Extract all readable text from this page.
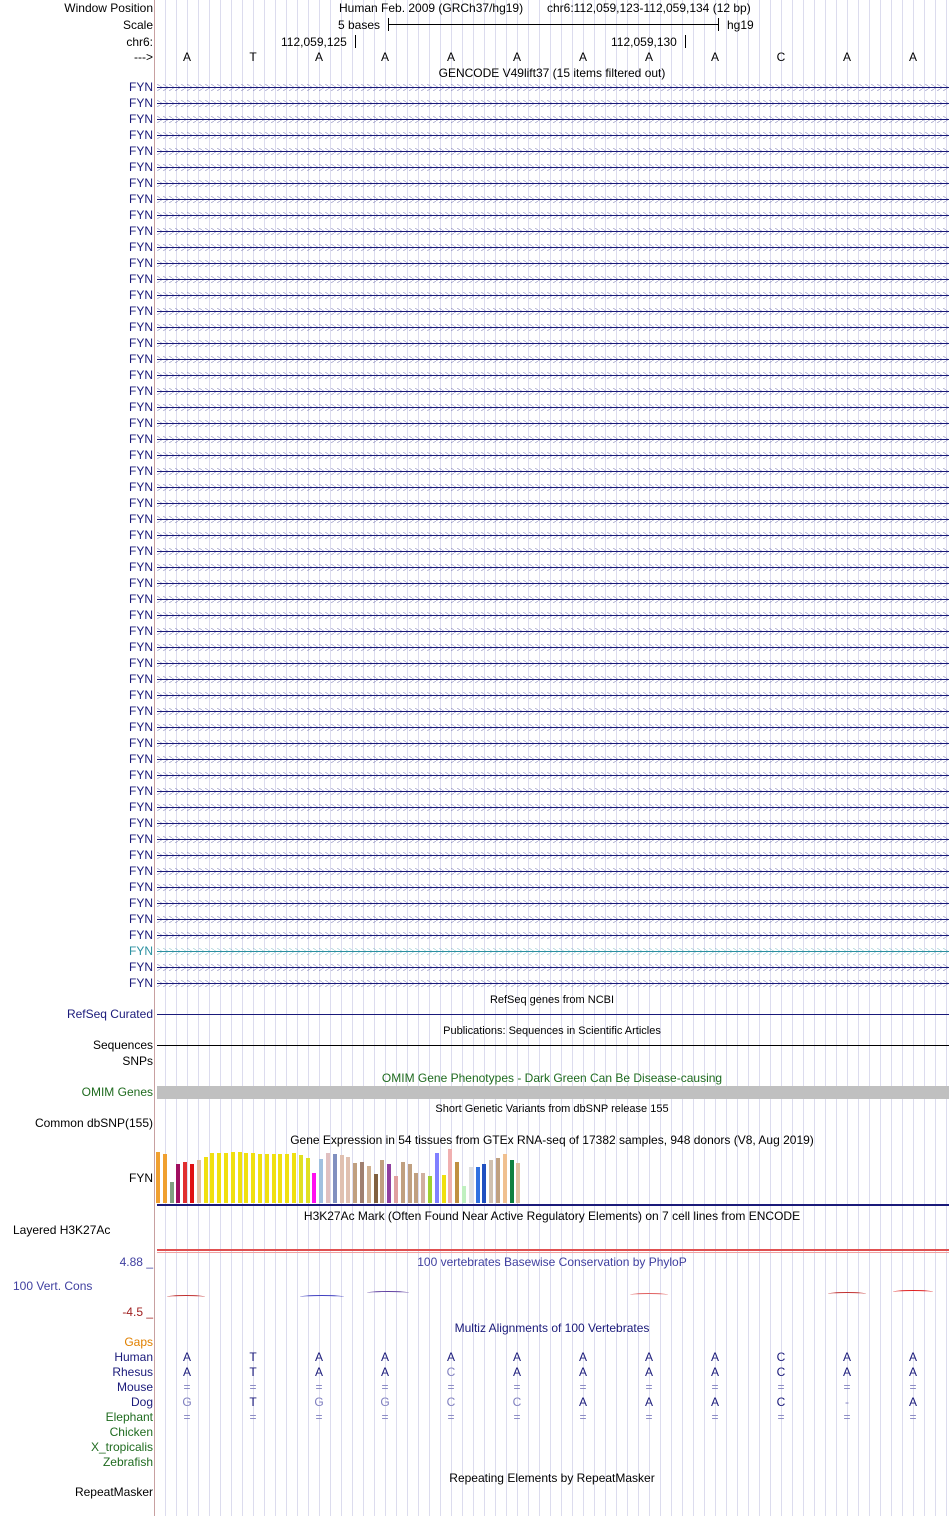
Window Position
Scale
chr6:
--->
Human Feb. 2009 (GRCh37/hg19) chr6:112,059,123-112,059,134 (12 bp)
5 bases	hg19
112,059,125	112,059,130
A	T	A	A	A	A	A	A	A	C	A	A
GENCODE V49lift37 (15 items filtered out)
FYN
FYN
FYN
FYN
FYN
FYN
FYN
FYN
FYN
FYN
FYN
FYN
FYN
FYN
FYN
FYN
FYN
FYN
FYN
FYN
FYN
FYN
FYN
FYN
FYN
FYN
FYN
FYN
FYN
FYN
FYN
FYN
FYN
FYN
FYN
FYN
FYN
FYN
FYN
FYN
FYN
FYN
FYN
FYN
FYN
FYN
FYN
FYN
FYN
FYN
FYN
FYN
FYN
FYN
FYN
FYN
FYN
RefSeq genes from NCBI
RefSeq Curated
Publications: Sequences in Scientific Articles
Sequences
SNPs
OMIM Gene Phenotypes - Dark Green Can Be Disease-causing
OMIM Genes
Short Genetic Variants from dbSNP release 155
Common dbSNP(155)
Gene Expression in 54 tissues from GTEx RNA-seq of 17382 samples, 948 donors (V8, Aug 2019)
FYN
H3K27Ac Mark (Often Found Near Active Regulatory Elements) on 7 cell lines from ENCODE
Layered H3K27Ac
100 vertebrates Basewise Conservation by PhyloP
4.88 _
100 Vert. Cons
-4.5 _
Multiz Alignments of 100 Vertebrates
Gaps
Human A	T	A	A	A	A	A	A	A	C	A	A
Rhesus A	T	A	A	C	A	A	A	A	C	A	A
Mouse	=	=	=	=	=	=	=	=	=	=	=	=
Dog G	T	G	G	C	C	A	A	A	C	-	A
Elephant	=	=	=	=	=	=	=	=	=	=	=	=
Chicken
X_tropicalis
Zebrafish
Repeating Elements by RepeatMasker
RepeatMasker
